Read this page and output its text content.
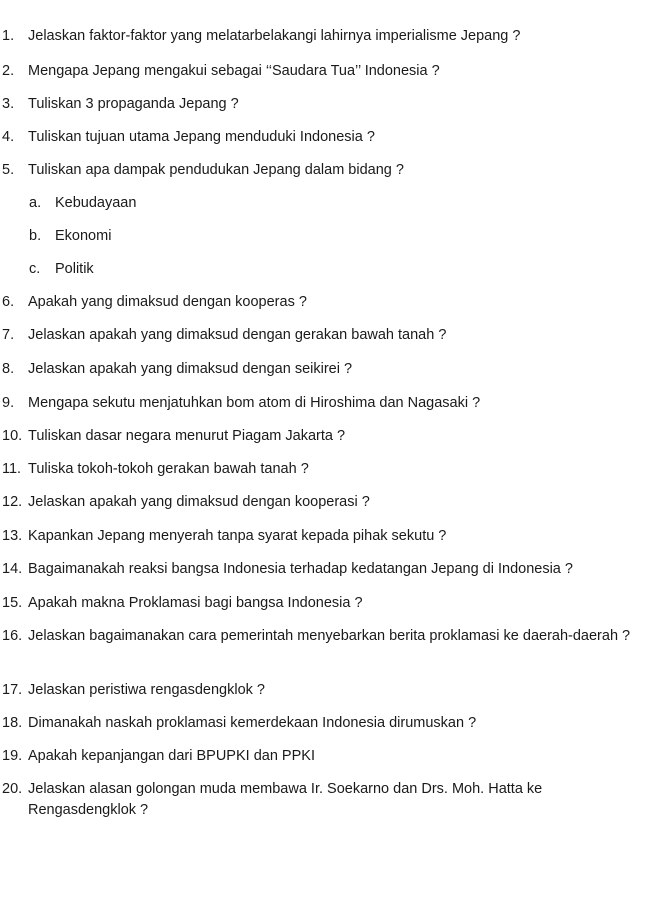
1. Jelaskan faktor-faktor yang melatarbelakangi lahirnya imperialisme Jepang ?
2. Mengapa Jepang mengakui sebagai ‘‘Saudara Tua’’ Indonesia ?
3. Tuliskan 3 propaganda Jepang ?
4. Tuliskan tujuan utama Jepang menduduki Indonesia ?
5. Tuliskan apa dampak pendudukan Jepang dalam bidang ?
a. Kebudayaan
b. Ekonomi
c. Politik
6. Apakah yang dimaksud dengan kooperas ?
7. Jelaskan apakah yang dimaksud dengan gerakan bawah tanah ?
8. Jelaskan apakah yang dimaksud dengan seikirei ?
9. Mengapa sekutu menjatuhkan bom atom di Hiroshima dan Nagasaki ?
10. Tuliskan dasar negara menurut Piagam Jakarta ?
11. Tuliska tokoh-tokoh gerakan bawah tanah ?
12. Jelaskan apakah yang dimaksud dengan kooperasi ?
13. Kapankan Jepang menyerah tanpa syarat kepada pihak sekutu ?
14. Bagaimanakah reaksi bangsa Indonesia terhadap kedatangan Jepang di Indonesia ?
15. Apakah makna Proklamasi bagi bangsa Indonesia ?
16. Jelaskan bagaimanakan cara pemerintah menyebarkan berita proklamasi ke daerah-daerah ?
17. Jelaskan peristiwa rengasdengklok ?
18. Dimanakah naskah proklamasi kemerdekaan Indonesia dirumuskan ?
19. Apakah kepanjangan dari BPUPKI dan PPKI
20. Jelaskan alasan golongan muda membawa Ir. Soekarno dan Drs. Moh. Hatta ke Rengasdengklok ?
